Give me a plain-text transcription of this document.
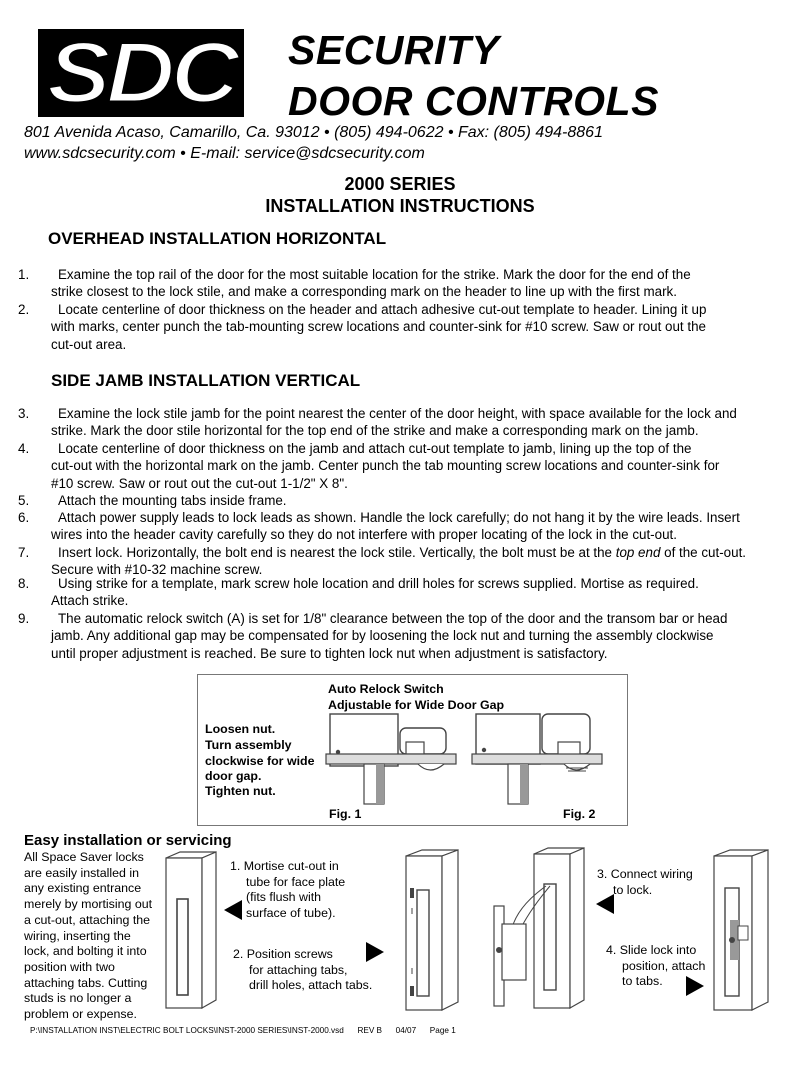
SDC SECURITY
DOOR CONTROLS
801 Avenida Acaso, Camarillo, Ca. 93012 • (805) 494-0622 • Fax: (805) 494-8861
www.sdcsecurity.com • E-mail: service@sdcsecurity.com
2000 SERIES
INSTALLATION INSTRUCTIONS
OVERHEAD INSTALLATION HORIZONTAL
SIDE JAMB INSTALLATION VERTICAL
1. Examine the top rail of the door for the most suitable location for the strike. Mark the door for the end of the
strike closest to the lock stile, and make a corresponding mark on the header to line up with the first mark.
2. Locate centerline of door thickness on the header and attach adhesive cut-out template to header. Lining it up
with marks, center punch the tab-mounting screw locations and counter-sink for #10 screw. Saw or rout out the
cut-out area.
3. Examine the lock stile jamb for the point nearest the center of the door height, with space available for the lock and
strike. Mark the door stile horizontal for the top end of the strike and make a corresponding mark on the jamb.
4. Locate centerline of door thickness on the jamb and attach cut-out template to jamb, lining up the top of the
cut-out with the horizontal mark on the jamb. Center punch the tab mounting screw locations and counter-sink for
#10 screw. Saw or rout out the cut-out 1-1/2" X 8".
5. Attach the mounting tabs inside frame.
6. Attach power supply leads to lock leads as shown. Handle the lock carefully; do not hang it by the wire leads. Insert
wires into the header cavity carefully so they do not interfere with proper locating of the lock in the cut-out.
7. Insert lock. Horizontally, the bolt end is nearest the lock stile. Vertically, the bolt must be at the top end of the cut-out.
Secure with #10-32 machine screw.
8. Using strike for a template, mark screw hole location and drill holes for screws supplied. Mortise as required.
Attach strike.
9. The automatic relock switch (A) is set for 1/8" clearance between the top of the door and the transom bar or head
jamb. Any additional gap may be compensated for by loosening the lock nut and turning the assembly clockwise
until proper adjustment is reached. Be sure to tighten lock nut when adjustment is satisfactory.
Auto Relock Switch
Adjustable for Wide Door Gap
Loosen nut.
Turn assembly
clockwise for wide
door gap.
Tighten nut.
Fig. 1	Fig. 2
Easy installation or servicing
All Space Saver locks
are easily installed in
any existing entrance
merely by mortising out
a cut-out, attaching the
wiring, inserting the
lock, and bolting it into
position with two
attaching tabs. Cutting
studs is no longer a
problem or expense.
1. Mortise cut-out in
tube for face plate
(fits flush with
surface of tube).
2. Position screws
for attaching tabs,
drill holes, attach tabs.
3. Connect wiring
to lock.
4. Slide lock into
position, attach
to tabs.
P:\INSTALLATION INST\ELECTRIC BOLT LOCKS\INST-2000 SERIES\INST-2000.vsd      REV B      04/07      Page 1
